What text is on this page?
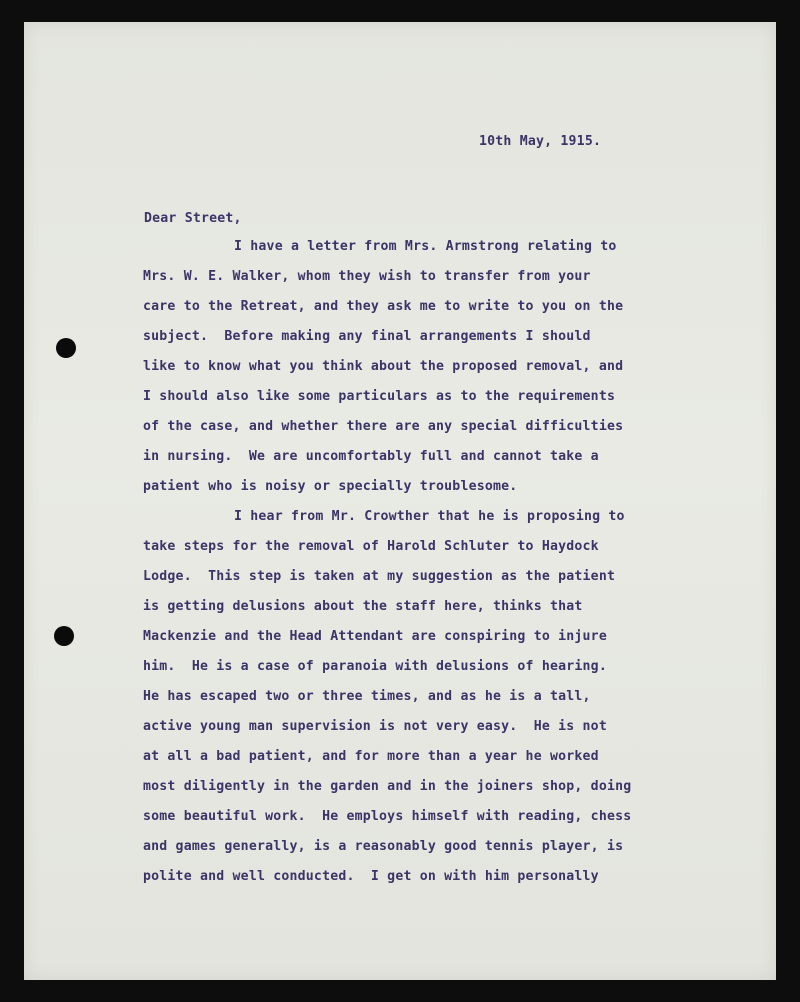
10th May, 1915.
Dear Street,
I have a letter from Mrs. Armstrong relating to
Mrs. W. E. Walker, whom they wish to transfer from your
care to the Retreat, and they ask me to write to you on the
subject.  Before making any final arrangements I should
like to know what you think about the proposed removal, and
I should also like some particulars as to the requirements
of the case, and whether there are any special difficulties
in nursing.  We are uncomfortably full and cannot take a
patient who is noisy or specially troublesome.
I hear from Mr. Crowther that he is proposing to
take steps for the removal of Harold Schluter to Haydock
Lodge.  This step is taken at my suggestion as the patient
is getting delusions about the staff here, thinks that
Mackenzie and the Head Attendant are conspiring to injure
him.  He is a case of paranoia with delusions of hearing.
He has escaped two or three times, and as he is a tall,
active young man supervision is not very easy.  He is not
at all a bad patient, and for more than a year he worked
most diligently in the garden and in the joiners shop, doing
some beautiful work.  He employs himself with reading, chess
and games generally, is a reasonably good tennis player, is
polite and well conducted.  I get on with him personally
